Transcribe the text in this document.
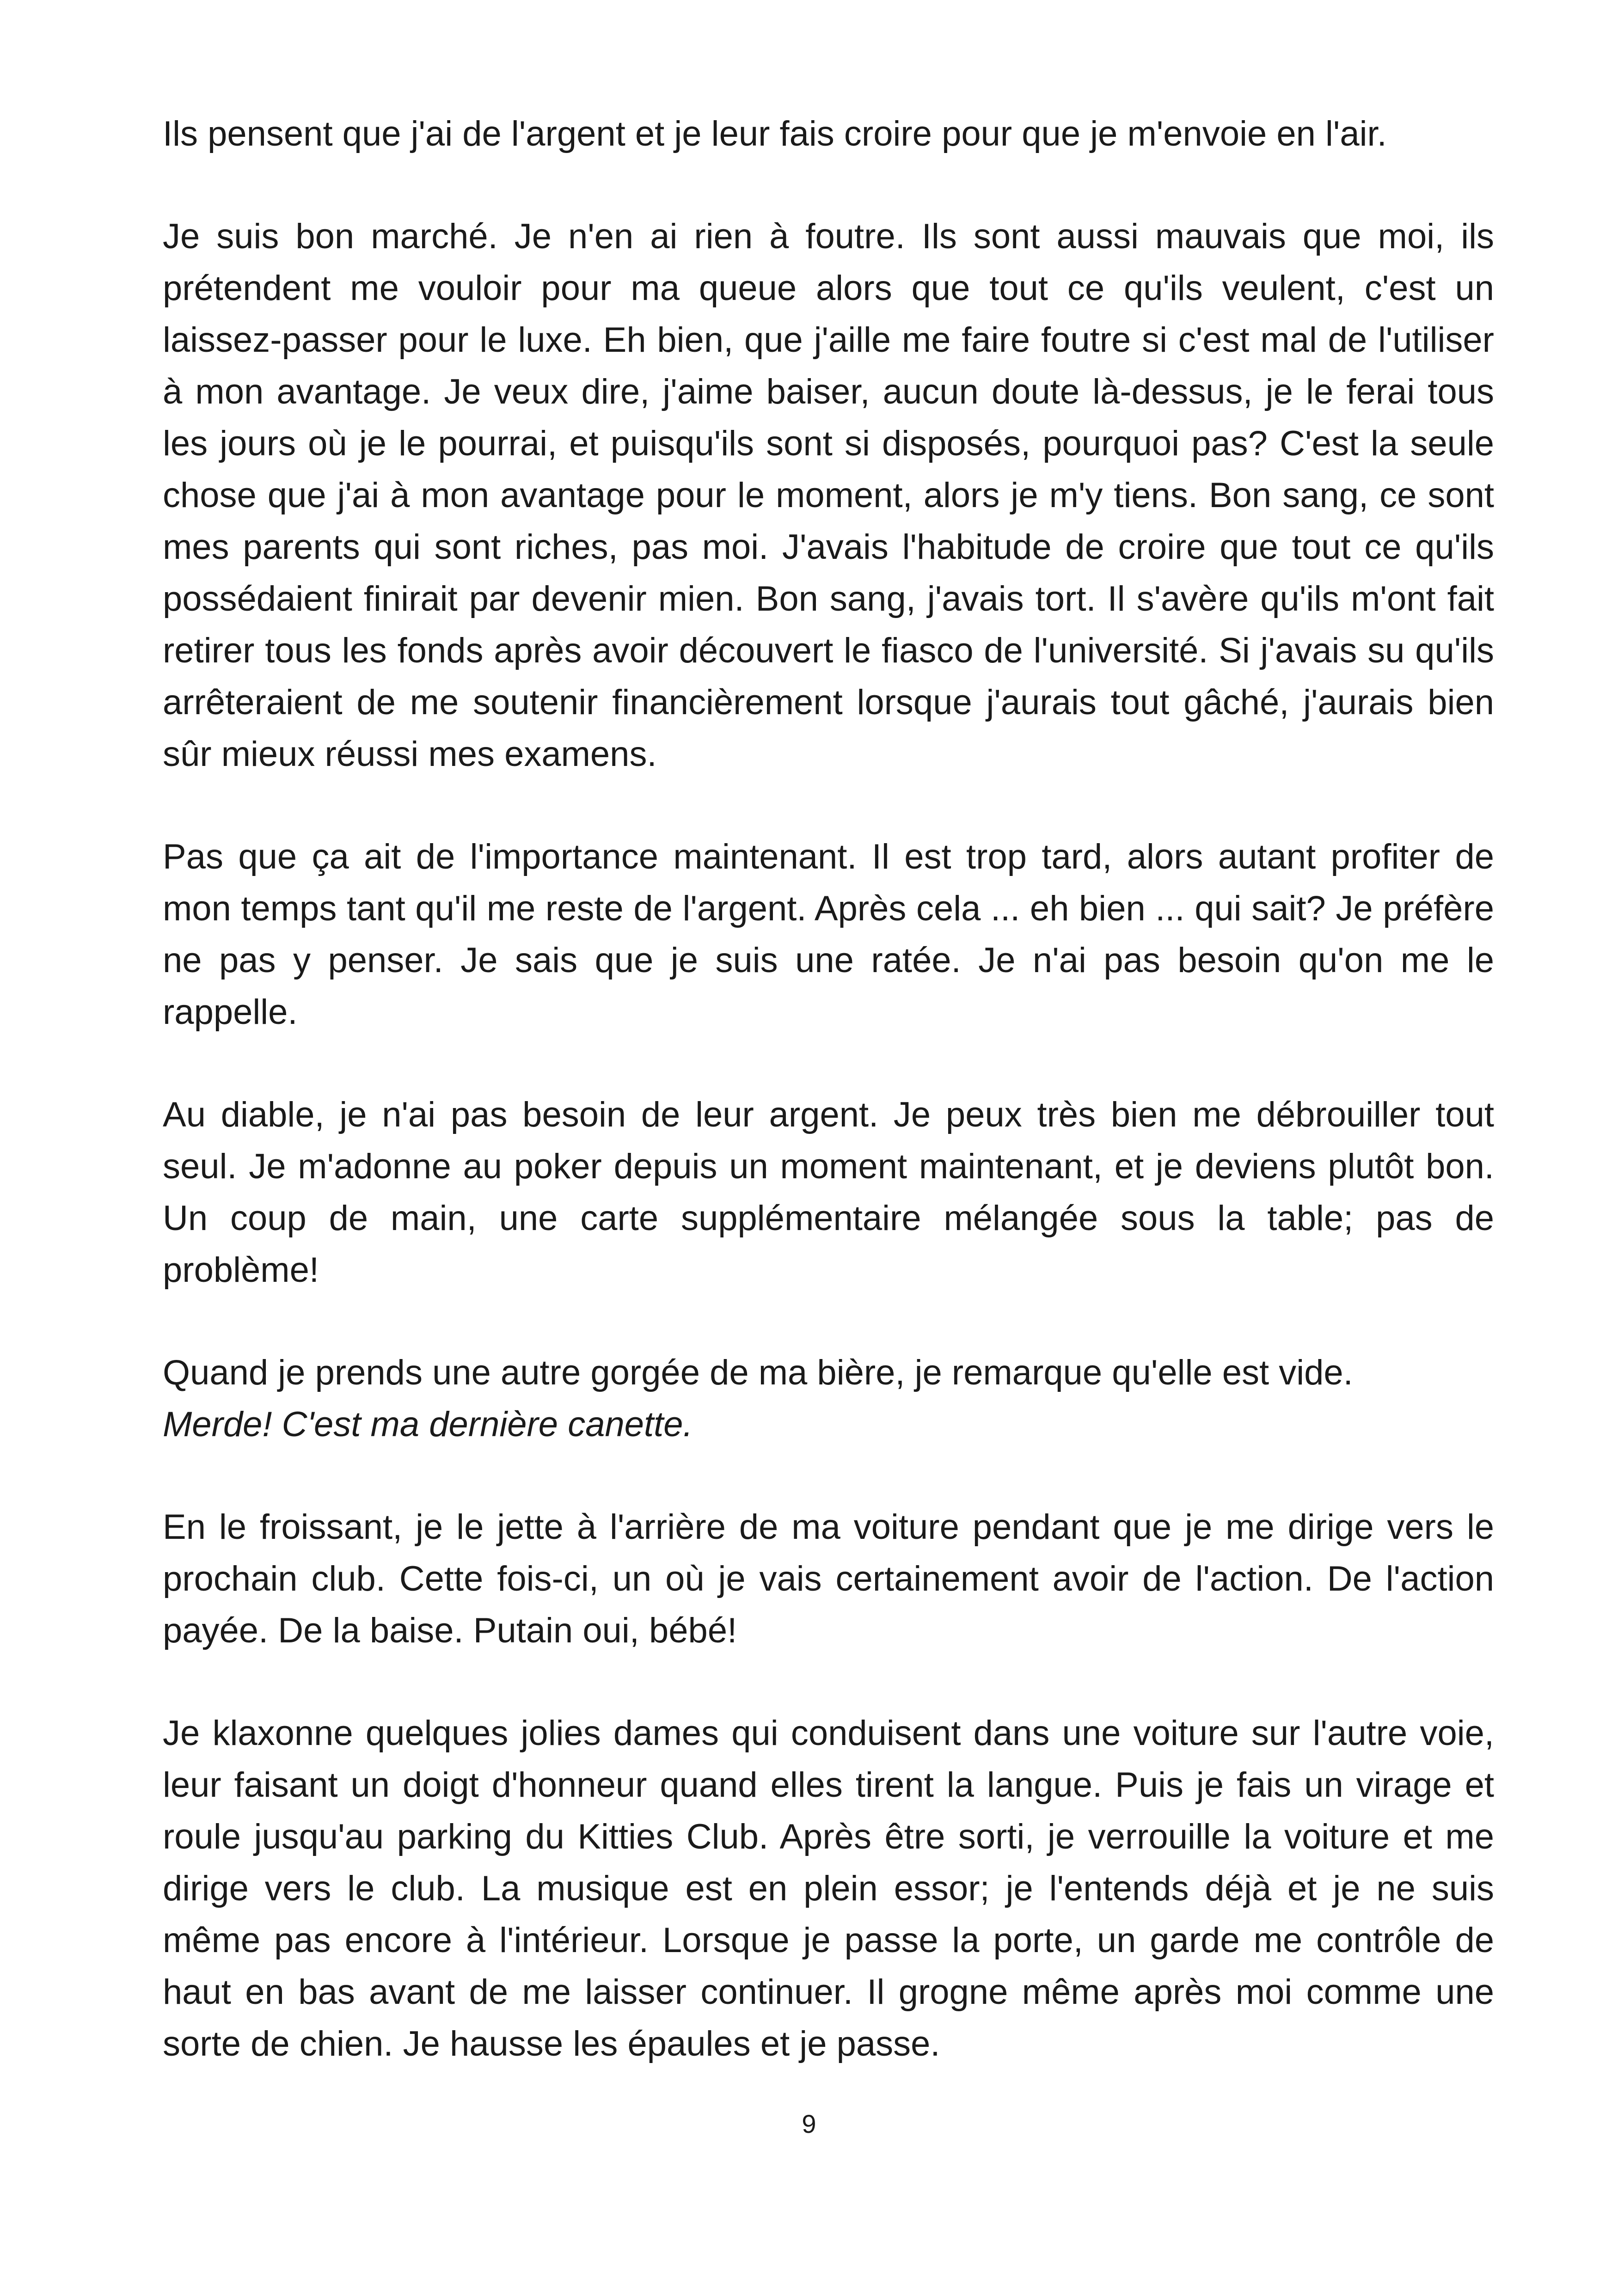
Ils pensent que j'ai de l'argent et je leur fais croire pour que je m'envoie en l'air.

Je suis bon marché. Je n'en ai rien à foutre. Ils sont aussi mauvais que moi, ils prétendent me vouloir pour ma queue alors que tout ce qu'ils veulent, c'est un laissez-passer pour le luxe. Eh bien, que j'aille me faire foutre si c'est mal de l'utiliser à mon avantage. Je veux dire, j'aime baiser, aucun doute là-dessus, je le ferai tous les jours où je le pourrai, et puisqu'ils sont si disposés, pourquoi pas? C'est la seule chose que j'ai à mon avantage pour le moment, alors je m'y tiens. Bon sang, ce sont mes parents qui sont riches, pas moi. J'avais l'habitude de croire que tout ce qu'ils possédaient finirait par devenir mien. Bon sang, j'avais tort. Il s'avère qu'ils m'ont fait retirer tous les fonds après avoir découvert le fiasco de l'université. Si j'avais su qu'ils arrêteraient de me soutenir financièrement lorsque j'aurais tout gâché, j'aurais bien sûr mieux réussi mes examens.

Pas que ça ait de l'importance maintenant. Il est trop tard, alors autant profiter de mon temps tant qu'il me reste de l'argent. Après cela ... eh bien ... qui sait? Je préfère ne pas y penser. Je sais que je suis une ratée. Je n'ai pas besoin qu'on me le rappelle.

Au diable, je n'ai pas besoin de leur argent. Je peux très bien me débrouiller tout seul. Je m'adonne au poker depuis un moment maintenant, et je deviens plutôt bon. Un coup de main, une carte supplémentaire mélangée sous la table; pas de problème!

Quand je prends une autre gorgée de ma bière, je remarque qu'elle est vide.
Merde! C'est ma dernière canette.

En le froissant, je le jette à l'arrière de ma voiture pendant que je me dirige vers le prochain club. Cette fois-ci, un où je vais certainement avoir de l'action. De l'action payée. De la baise. Putain oui, bébé!

Je klaxonne quelques jolies dames qui conduisent dans une voiture sur l'autre voie, leur faisant un doigt d'honneur quand elles tirent la langue. Puis je fais un virage et roule jusqu'au parking du Kitties Club. Après être sorti, je verrouille la voiture et me dirige vers le club. La musique est en plein essor; je l'entends déjà et je ne suis même pas encore à l'intérieur. Lorsque je passe la porte, un garde me contrôle de haut en bas avant de me laisser continuer. Il grogne même après moi comme une sorte de chien. Je hausse les épaules et je passe.

9
